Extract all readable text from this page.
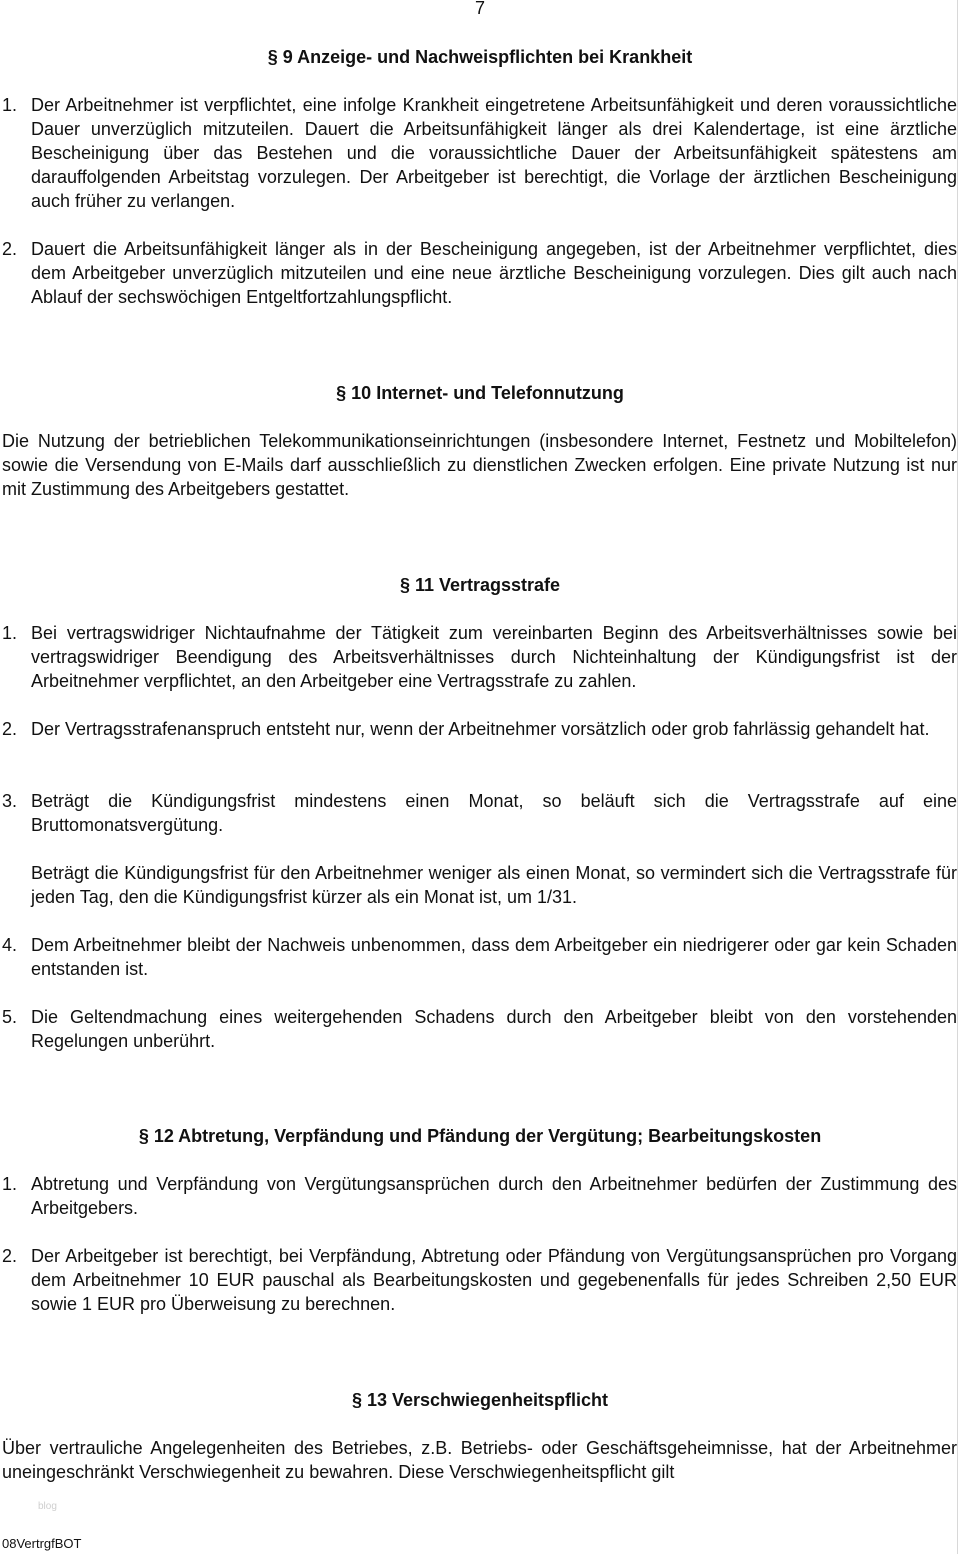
7
§ 9 Anzeige- und Nachweispflichten bei Krankheit
1. Der Arbeitnehmer ist verpflichtet, eine infolge Krankheit eingetretene Arbeitsunfähigkeit und deren voraussichtliche Dauer unverzüglich mitzuteilen. Dauert die Arbeitsunfähigkeit länger als drei Kalendertage, ist eine ärztliche Bescheinigung über das Bestehen und die voraussichtliche Dauer der Arbeitsunfähigkeit spätestens am darauffolgenden Arbeitstag vorzulegen. Der Arbeitgeber ist berechtigt, die Vorlage der ärztlichen Bescheinigung auch früher zu verlangen.
2. Dauert die Arbeitsunfähigkeit länger als in der Bescheinigung angegeben, ist der Arbeitnehmer verpflichtet, dies dem Arbeitgeber unverzüglich mitzuteilen und eine neue ärztliche Bescheinigung vorzulegen. Dies gilt auch nach Ablauf der sechswöchigen Entgeltfortzahlungspflicht.
§ 10 Internet- und Telefonnutzung
Die Nutzung der betrieblichen Telekommunikationseinrichtungen (insbesondere Internet, Festnetz und Mobiltelefon) sowie die Versendung von E-Mails darf ausschließlich zu dienstlichen Zwecken erfolgen. Eine private Nutzung ist nur mit Zustimmung des Arbeitgebers gestattet.
§ 11 Vertragsstrafe
1. Bei vertragswidriger Nichtaufnahme der Tätigkeit zum vereinbarten Beginn des Arbeitsverhältnisses sowie bei vertragswidriger Beendigung des Arbeitsverhältnisses durch Nichteinhaltung der Kündigungsfrist ist der Arbeitnehmer verpflichtet, an den Arbeitgeber eine Vertragsstrafe zu zahlen.
2. Der Vertragsstrafenanspruch entsteht nur, wenn der Arbeitnehmer vorsätzlich oder grob fahrlässig gehandelt hat.
3. Beträgt die Kündigungsfrist mindestens einen Monat, so beläuft sich die Vertragsstrafe auf eine Bruttomonatsvergütung.
Beträgt die Kündigungsfrist für den Arbeitnehmer weniger als einen Monat, so vermindert sich die Vertragsstrafe für jeden Tag, den die Kündigungsfrist kürzer als ein Monat ist, um 1/31.
4. Dem Arbeitnehmer bleibt der Nachweis unbenommen, dass dem Arbeitgeber ein niedrigerer oder gar kein Schaden entstanden ist.
5. Die Geltendmachung eines weitergehenden Schadens durch den Arbeitgeber bleibt von den vorstehenden Regelungen unberührt.
§ 12 Abtretung, Verpfändung und Pfändung der Vergütung; Bearbeitungskosten
1. Abtretung und Verpfändung von Vergütungsansprüchen durch den Arbeitnehmer bedürfen der Zustimmung des Arbeitgebers.
2. Der Arbeitgeber ist berechtigt, bei Verpfändung, Abtretung oder Pfändung von Vergütungsansprüchen pro Vorgang dem Arbeitnehmer 10 EUR pauschal als Bearbeitungskosten und gegebenenfalls für jedes Schreiben 2,50 EUR sowie 1 EUR pro Überweisung zu berechnen.
§ 13 Verschwiegenheitspflicht
Über vertrauliche Angelegenheiten des Betriebes, z.B. Betriebs- oder Geschäftsgeheimnisse, hat der Arbeitnehmer uneingeschränkt Verschwiegenheit zu bewahren. Diese Verschwiegenheitspflicht gilt
blog
08VertrgfBOT
